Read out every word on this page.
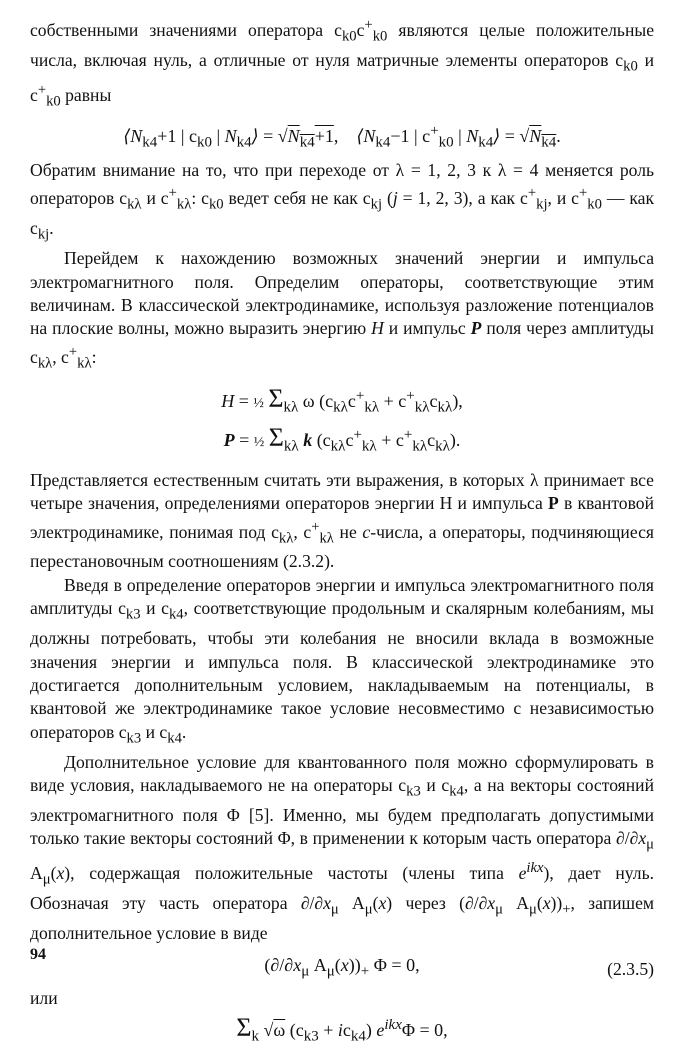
собственными значениями оператора $c_{k0}c^+_{k0}$ являются целые положительные числа, включая нуль, а отличные от нуля матричные элементы операторов $c_{k0}$ и $c^+_{k0}$ равны

$⟨N_{k4}+1$ | $c_{k0}$ | $N_{k4}⟩ = √N_{k4}+1$,    $⟨N_{k4}-1$ | $c^+_{k0}$ | $N_{k4}⟩ = √N_{k4}$.

Обратим внимание на то, что при переходе от λ = 1, 2, 3 к λ = 4 меняется роль операторов $c_{k\lambda}$ и $c^+_{k\lambda}$: $c_{k0}$ ведет себя не как $c_{kj}$ (j = 1, 2, 3), а как $c^+_{kj}$, и $c^+_{k0}$ — как $c_{kj}$.

Перейдем к нахождению возможных значений энергии и импульса электромагнитного поля. Определим операторы, соответствующие этим величинам. В классической электродинамике, используя разложение потенциалов на плоские волны, можно выразить энергию H и импульс P поля через амплитуды $c_{k\lambda}$, $c^+_{k\lambda}$:

H = ½ $\Sigma_{k\lambda}$ ω $(c_{k\lambda}c^+_{k\lambda} + c^+_{k\lambda}c_{k\lambda})$,
P = ½ $\Sigma_{k\lambda}$ k $(c_{k\lambda}c^+_{k\lambda} + c^+_{k\lambda}c_{k\lambda})$.

Представляется естественным считать эти выражения, в которых λ принимает все четыре значения, определениями операторов энергии H и импульса P в квантовой электродинамике, понимая под $c_{k\lambda}$, $c^+_{k\lambda}$ не c-числа, а операторы, подчиняющиеся перестановочным соотношениям (2.3.2).

Введя в определение операторов энергии и импульса электромагнитного поля амплитуды $c_{k3}$ и $c_{k4}$, соответствующие продольным и скалярным колебаниям, мы должны потребовать, чтобы эти колебания не вносили вклада в возможные значения энергии и импульса поля. В классической электродинамике это достигается дополнительным условием, накладываемым на потенциалы, в квантовой же электродинамике такое условие несовместимо с независимостью операторов $c_{k3}$ и $c_{k4}$.

Дополнительное условие для квантованного поля можно сформулировать в виде условия, накладываемого не на операторы $c_{k3}$ и $c_{k4}$, а на векторы состояний электромагнитного поля Φ [5]. Именно, мы будем предполагать допустимыми только такие векторы состояний Φ, в применении к которым часть оператора $\partial/\partial x_\mu$ $A_\mu(x)$, содержащая положительные частоты (члены типа $e^{ikx}$), дает нуль. Обозначая эту часть оператора $\partial/\partial x_\mu$ $A_\mu(x)$ через ($\partial/\partial x_\mu$ $A_\mu(x))_+$, запишем дополнительное условие в виде

($\partial/\partial x_\mu$ $A_\mu(x))_+$ Φ = 0,	(2.3.5)
или
$\Sigma_k$ √ω $(c_{k3} + ic_{k4}) e^{ikx}\Phi = 0$,
94
